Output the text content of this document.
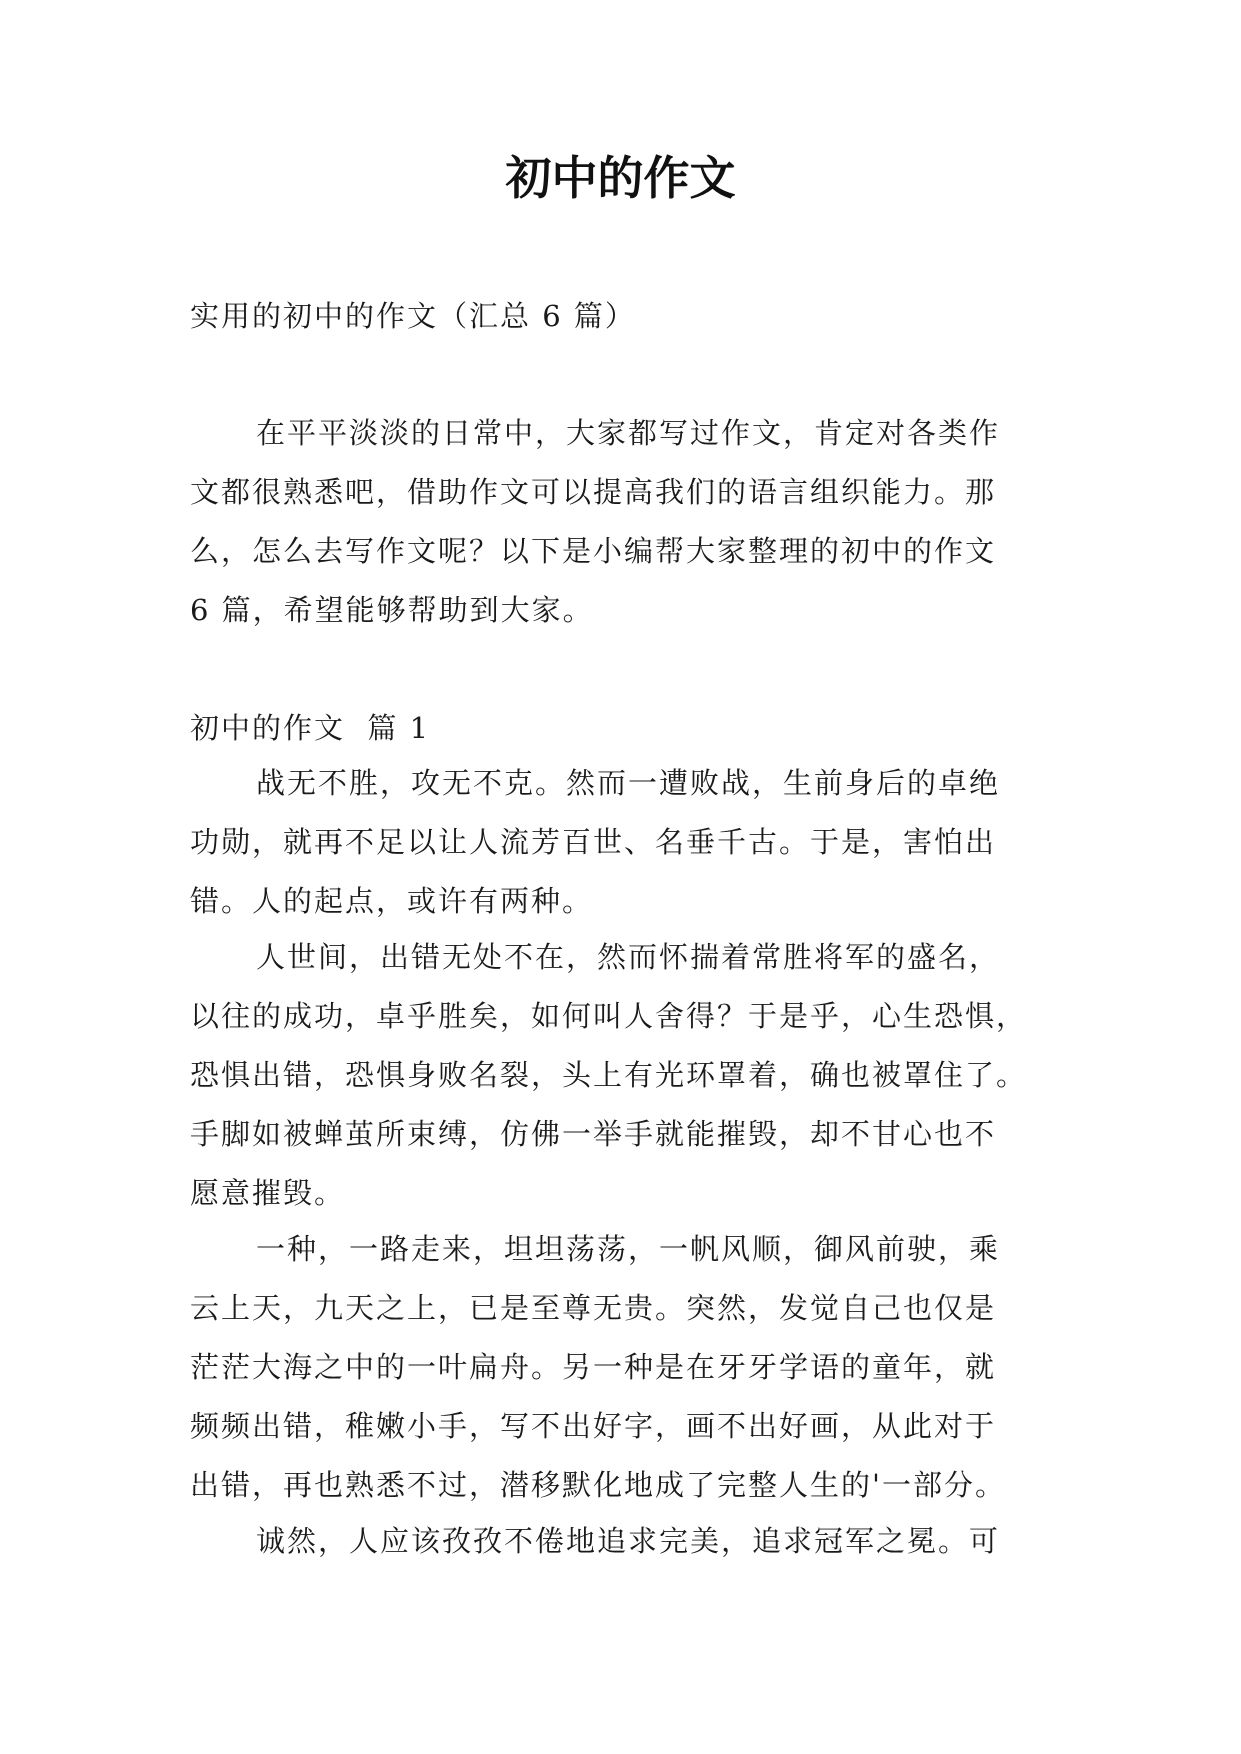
初中的作文
实用的初中的作文（汇总 6 篇）

在平平淡淡的日常中，大家都写过作文，肯定对各类作
文都很熟悉吧，借助作文可以提高我们的语言组织能力。那
么，怎么去写作文呢？以下是小编帮大家整理的初中的作文
6 篇，希望能够帮助到大家。

初中的作文  篇 1

战无不胜，攻无不克。然而一遭败战，生前身后的卓绝
功勋，就再不足以让人流芳百世、名垂千古。于是，害怕出
错。人的起点，或许有两种。

人世间，出错无处不在，然而怀揣着常胜将军的盛名，
以往的成功，卓乎胜矣，如何叫人舍得？于是乎，心生恐惧，
恐惧出错，恐惧身败名裂，头上有光环罩着，确也被罩住了。
手脚如被蝉茧所束缚，仿佛一举手就能摧毁，却不甘心也不
愿意摧毁。

一种，一路走来，坦坦荡荡，一帆风顺，御风前驶，乘
云上天，九天之上，已是至尊无贵。突然，发觉自己也仅是
茫茫大海之中的一叶扁舟。另一种是在牙牙学语的童年，就
频频出错，稚嫩小手，写不出好字，画不出好画，从此对于
出错，再也熟悉不过，潜移默化地成了完整人生的'一部分。

诚然，人应该孜孜不倦地追求完美，追求冠军之冕。可
